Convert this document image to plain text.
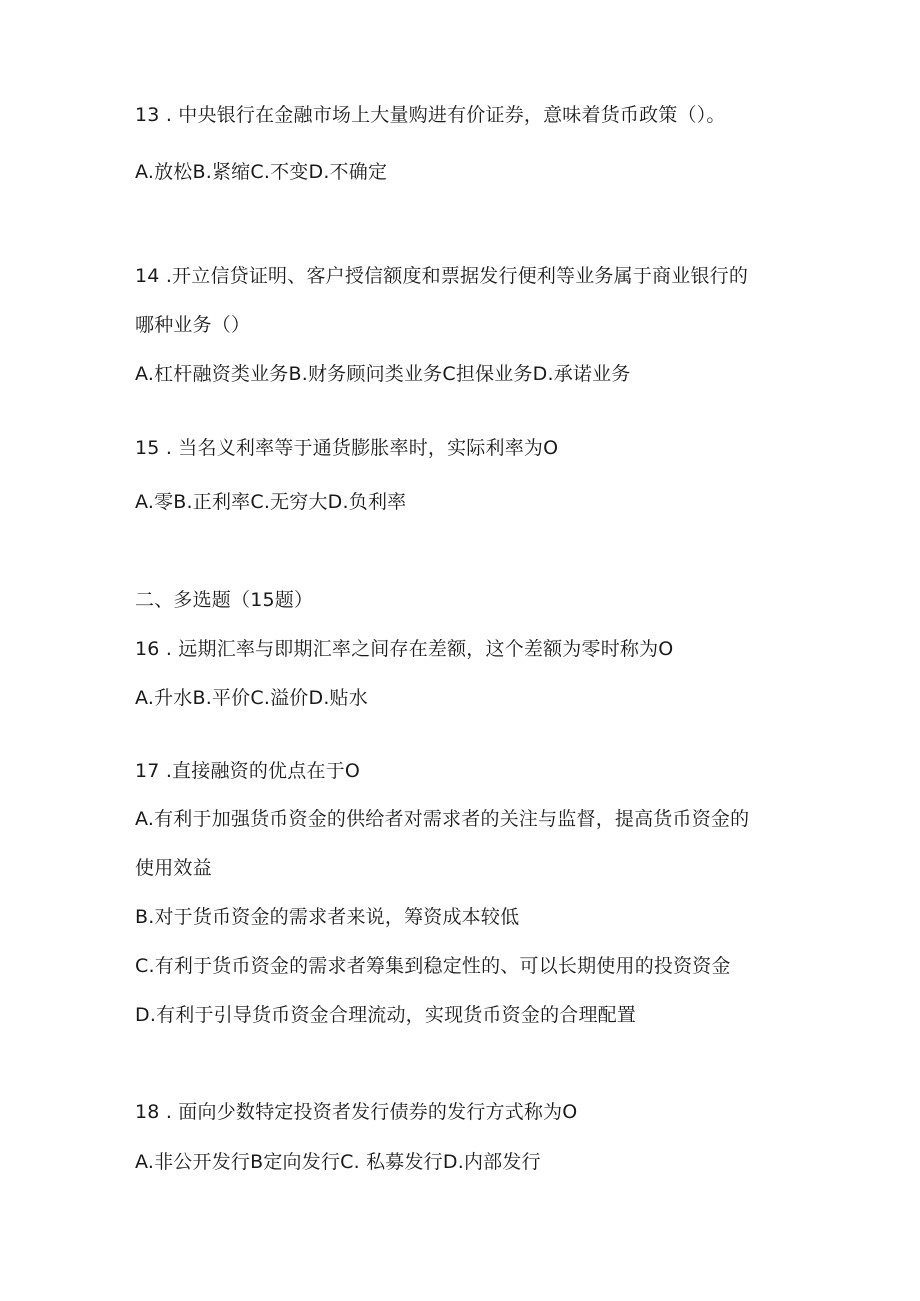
13 . 中央银行在金融市场上大量购进有价证券，意味着货币政策（）。
A.放松B.紧缩C.不变D.不确定
14 .开立信贷证明、客户授信额度和票据发行便利等业务属于商业银行的
哪种业务（）
A.杠杆融资类业务B.财务顾问类业务C担保业务D.承诺业务
15 . 当名义利率等于通货膨胀率时，实际利率为O
A.零B.正利率C.无穷大D.负利率
二、多选题（15题）
16 . 远期汇率与即期汇率之间存在差额，这个差额为零时称为O
A.升水B.平价C.溢价D.贴水
17 .直接融资的优点在于O
A.有利于加强货币资金的供给者对需求者的关注与监督，提高货币资金的
使用效益
B.对于货币资金的需求者来说，筹资成本较低
C.有利于货币资金的需求者筹集到稳定性的、可以长期使用的投资资金
D.有利于引导货币资金合理流动，实现货币资金的合理配置
18 . 面向少数特定投资者发行债券的发行方式称为O
A.非公开发行B定向发行C. 私募发行D.内部发行
